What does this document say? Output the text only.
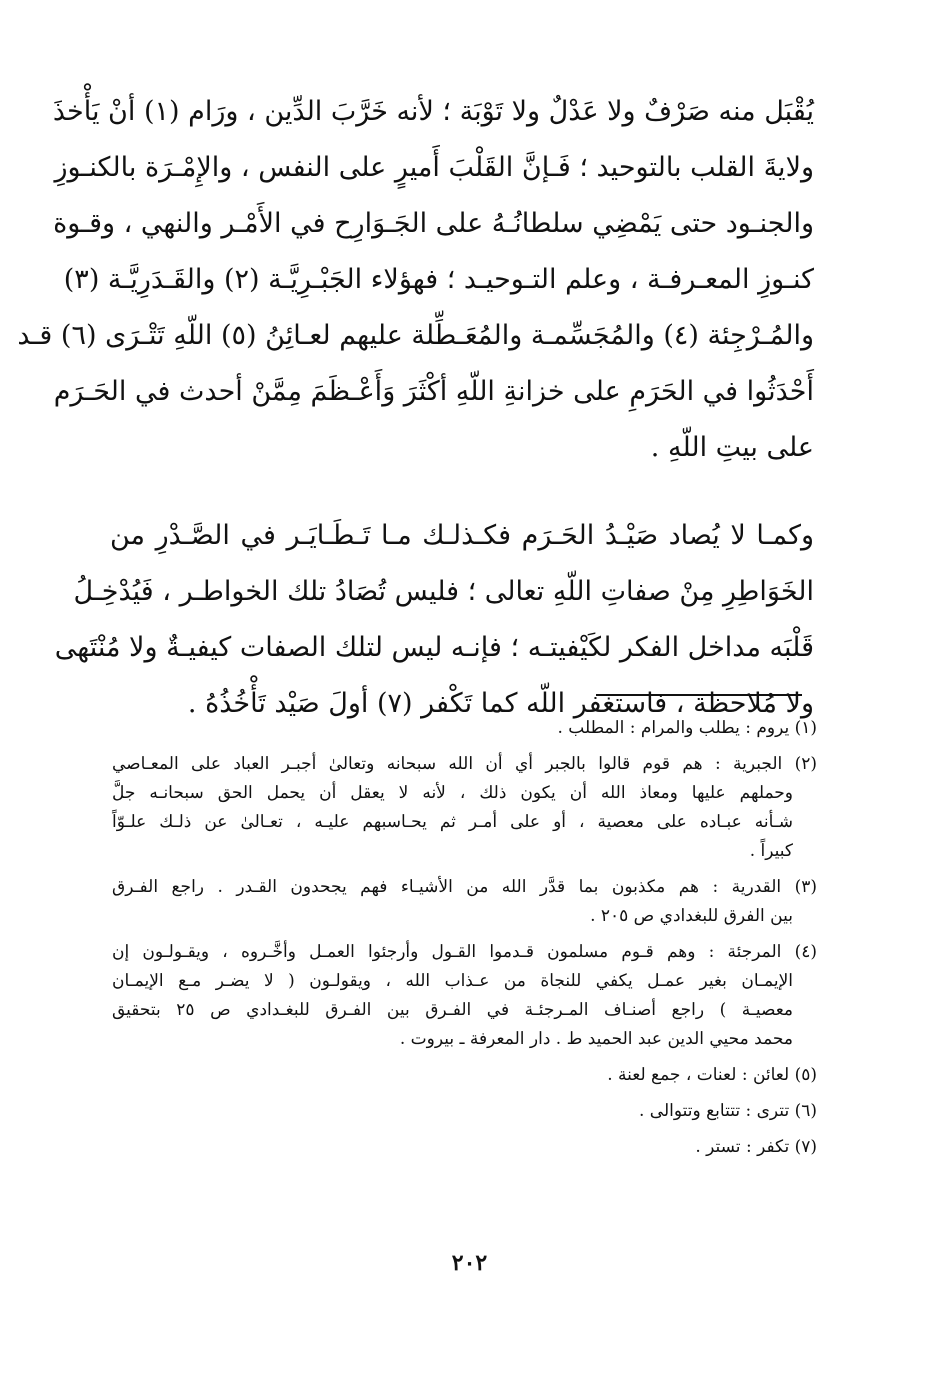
يُقْبَل منه صَرْفٌ ولا عَدْلٌ ولا تَوْبَة ؛ لأنه خَرَّبَ الدِّين ، ورَام (١) أنْ يَأْخذَ
ولايةَ القلب بالتوحيد ؛ فَـإنَّ القَلْبَ أَميرٍ على النفس ، والإِمْـرَة بالكنـوزِ
والجنـود حتى يَمْضِي سلطانُـهُ على الجَـوَارِح في الأَمْـر والنهي ، وقـوة
كنـوزِ المعـرفـة ، وعلم التـوحيـد ؛ فهؤلاء الجَبْـرِيَّـة (٢) والقَـدَرِيَّـة (٣)
والمُـرْجِئة (٤) والمُجَسِّمـة والمُعَـطِّلة عليهم لعـائِنُ (٥) اللّهِ تَتْـرَى (٦) قـد
أَحْدَثُوا في الحَرَمِ على خزانةِ اللّهِ أكْثَرَ وَأَعْـظَمَ مِمَّنْ أحدث في الحَـرَم
على بيتِ اللّهِ .
وكمـا لا يُصاد صَيْـدُ الحَـرَم فكـذلـك مـا تَـطَـايَـر في الصَّـدْرِ من
الخَوَاطِرِ مِنْ صفاتِ اللّهِ تعالى ؛ فليس تُصَادُ تلك الخواطـر ، فَيُدْخِـلُ
قَلْبَه مداخل الفكر لكَيْفيتـه ؛ فإنـه ليس لتلك الصفات كيفيـةٌ ولا مُنْتَهى
ولا مُلاحظة ، فاستغفر اللّه كما تَكْفر (٧) أولَ صَيْد تَأْخُذُهُ .
(١) يروم : يطلب والمرام : المطلب .
(٢) الجبرية : هم قوم قالوا بالجبر أي أن الله سبحانه وتعالىٰ أجبـر العباد على المعـاصي
وحملهم عليها ومعاذ الله أن يكون ذلك ، لأنه لا يعقل أن يحمل الحق سبحانـه جلَّ
شـأنه عبـاده على معصية ، أو على أمـر ثم يحـاسبهم عليـه ، تعـالىٰ عن ذلـك علـوّاً
كبيراً .
(٣) القدرية : هم مكذبون بما قدَّر الله من الأشيـاء فهم يجحدون القـدر . راجع الفـرق
بين الفرق للبغدادي ص ٢٠٥ .
(٤) المرجئة : وهم قـوم مسلمون قـدموا القـول وأرجئوا العمـل وأخَّـروه ، ويقـولـون إن
الإيمـان بغير عمـل يكفي للنجاة من عـذاب الله ، ويقولـون ( لا يضـر مـع الإيمـان
معصيـة ) راجع أصنـاف المـرجئـة في الفـرق بين الفـرق للبغـدادي ص ٢٥ بتحقيق
محمد محيي الدين عبد الحميد ط . دار المعرفة ـ بيروت .
(٥) لعائن : لعنات ، جمع لعنة .
(٦) تترى : تتتابع وتتوالى .
(٧) تكفر : تستر .
٢٠٢
